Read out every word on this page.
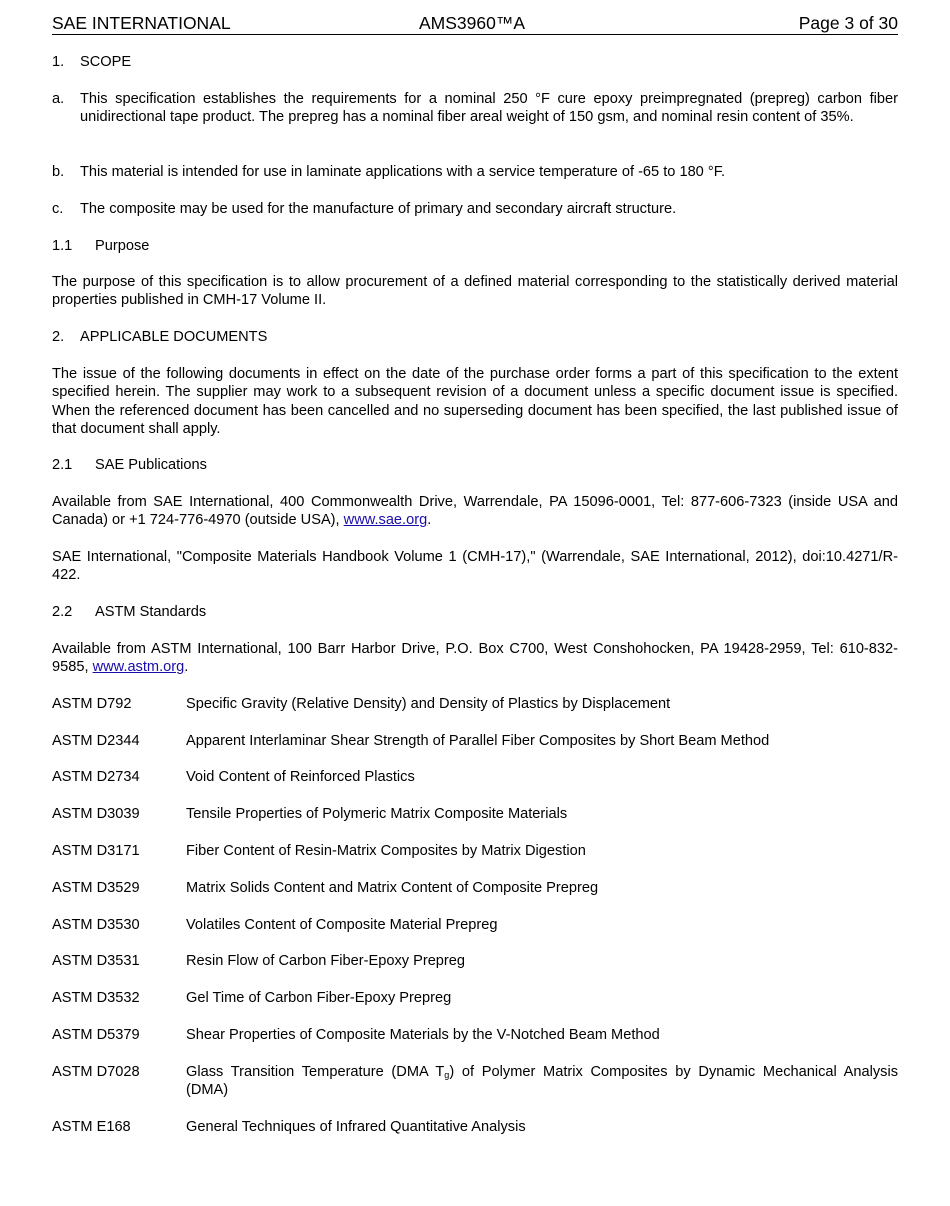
SAE INTERNATIONAL	AMS3960™A	Page 3 of 30
1.	SCOPE
a.	This specification establishes the requirements for a nominal 250 °F cure epoxy preimpregnated (prepreg) carbon fiber unidirectional tape product. The prepreg has a nominal fiber areal weight of 150 gsm, and nominal resin content of 35%.
b.	This material is intended for use in laminate applications with a service temperature of -65 to 180 °F.
c.	The composite may be used for the manufacture of primary and secondary aircraft structure.
1.1 Purpose
The purpose of this specification is to allow procurement of a defined material corresponding to the statistically derived material properties published in CMH-17 Volume II.
2.	APPLICABLE DOCUMENTS
The issue of the following documents in effect on the date of the purchase order forms a part of this specification to the extent specified herein. The supplier may work to a subsequent revision of a document unless a specific document issue is specified. When the referenced document has been cancelled and no superseding document has been specified, the last published issue of that document shall apply.
2.1 SAE Publications
Available from SAE International, 400 Commonwealth Drive, Warrendale, PA 15096-0001, Tel: 877-606-7323 (inside USA and Canada) or +1 724-776-4970 (outside USA), www.sae.org.
SAE International, "Composite Materials Handbook Volume 1 (CMH-17)," (Warrendale, SAE International, 2012), doi:10.4271/R-422.
2.2 ASTM Standards
Available from ASTM International, 100 Barr Harbor Drive, P.O. Box C700, West Conshohocken, PA 19428-2959, Tel: 610-832-9585, www.astm.org.
ASTM D792	Specific Gravity (Relative Density) and Density of Plastics by Displacement
ASTM D2344	Apparent Interlaminar Shear Strength of Parallel Fiber Composites by Short Beam Method
ASTM D2734	Void Content of Reinforced Plastics
ASTM D3039	Tensile Properties of Polymeric Matrix Composite Materials
ASTM D3171	Fiber Content of Resin-Matrix Composites by Matrix Digestion
ASTM D3529	Matrix Solids Content and Matrix Content of Composite Prepreg
ASTM D3530	Volatiles Content of Composite Material Prepreg
ASTM D3531	Resin Flow of Carbon Fiber-Epoxy Prepreg
ASTM D3532	Gel Time of Carbon Fiber-Epoxy Prepreg
ASTM D5379	Shear Properties of Composite Materials by the V-Notched Beam Method
ASTM D7028	Glass Transition Temperature (DMA $T_g$) of Polymer Matrix Composites by Dynamic Mechanical Analysis (DMA)
ASTM E168	General Techniques of Infrared Quantitative Analysis
